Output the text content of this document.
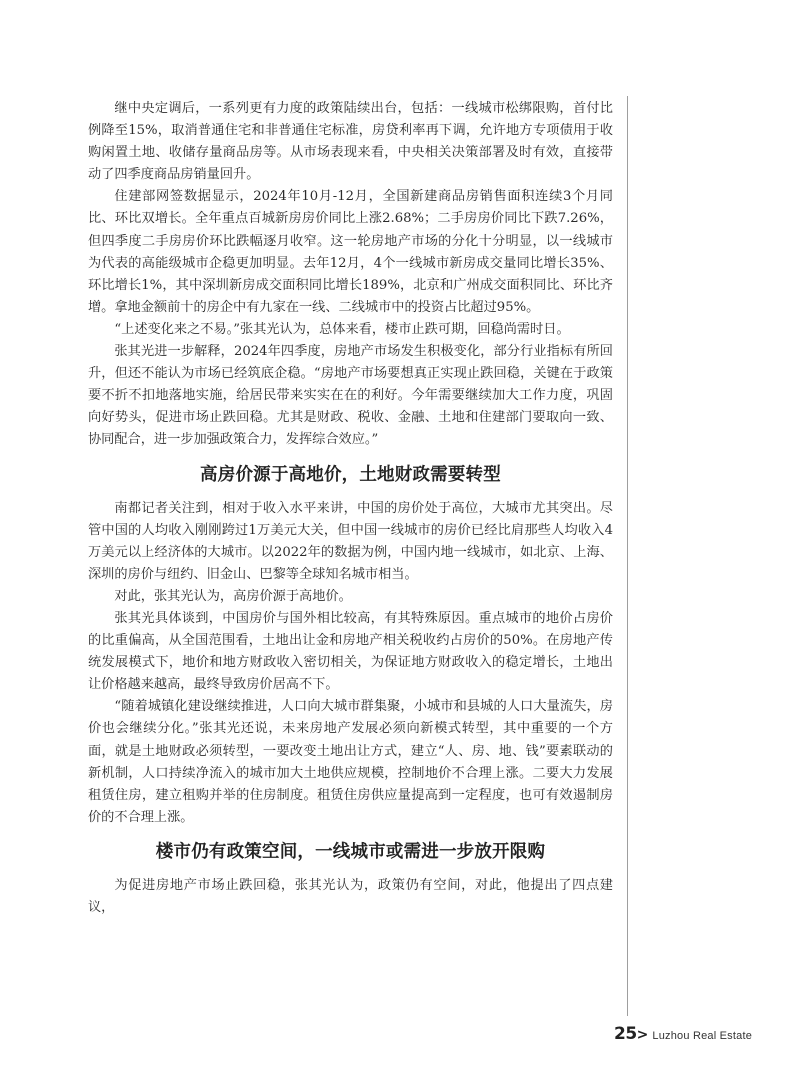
继中央定调后，一系列更有力度的政策陆续出台，包括：一线城市松绑限购，首付比例降至15%，取消普通住宅和非普通住宅标准，房贷利率再下调，允许地方专项债用于收购闲置土地、收储存量商品房等。从市场表现来看，中央相关决策部署及时有效，直接带动了四季度商品房销量回升。

住建部网签数据显示，2024年10月-12月，全国新建商品房销售面积连续3个月同比、环比双增长。全年重点百城新房房价同比上涨2.68%；二手房房价同比下跌7.26%，但四季度二手房房价环比跌幅逐月收窄。这一轮房地产市场的分化十分明显，以一线城市为代表的高能级城市企稳更加明显。去年12月，4个一线城市新房成交量同比增长35%、环比增长1%，其中深圳新房成交面积同比增长189%，北京和广州成交面积同比、环比齐增。拿地金额前十的房企中有九家在一线、二线城市中的投资占比超过95%。

“上述变化来之不易。”张其光认为，总体来看，楼市止跌可期，回稳尚需时日。

张其光进一步解释，2024年四季度，房地产市场发生积极变化，部分行业指标有所回升，但还不能认为市场已经筑底企稳。“房地产市场要想真正实现止跌回稳，关键在于政策要不折不扣地落地实施，给居民带来实实在在的利好。今年需要继续加大工作力度，巩固向好势头，促进市场止跌回稳。尤其是财政、税收、金融、土地和住建部门要取向一致、协同配合，进一步加强政策合力，发挥综合效应。”

高房价源于高地价，土地财政需要转型

南都记者关注到，相对于收入水平来讲，中国的房价处于高位，大城市尤其突出。尽管中国的人均收入刚刚跨过1万美元大关，但中国一线城市的房价已经比肩那些人均收入4万美元以上经济体的大城市。以2022年的数据为例，中国内地一线城市，如北京、上海、深圳的房价与纽约、旧金山、巴黎等全球知名城市相当。

对此，张其光认为，高房价源于高地价。

张其光具体谈到，中国房价与国外相比较高，有其特殊原因。重点城市的地价占房价的比重偏高，从全国范围看，土地出让金和房地产相关税收约占房价的50%。在房地产传统发展模式下，地价和地方财政收入密切相关，为保证地方财政收入的稳定增长，土地出让价格越来越高，最终导致房价居高不下。

“随着城镇化建设继续推进，人口向大城市群集聚，小城市和县城的人口大量流失，房价也会继续分化。”张其光还说，未来房地产发展必须向新模式转型，其中重要的一个方面，就是土地财政必须转型，一要改变土地出让方式，建立“人、房、地、钱”要素联动的新机制，人口持续净流入的城市加大土地供应规模，控制地价不合理上涨。二要大力发展租赁住房，建立租购并举的住房制度。租赁住房供应量提高到一定程度，也可有效遏制房价的不合理上涨。

楼市仍有政策空间，一线城市或需进一步放开限购

为促进房地产市场止跌回稳，张其光认为，政策仍有空间，对此，他提出了四点建议，

25 > Luzhou Real Estate
